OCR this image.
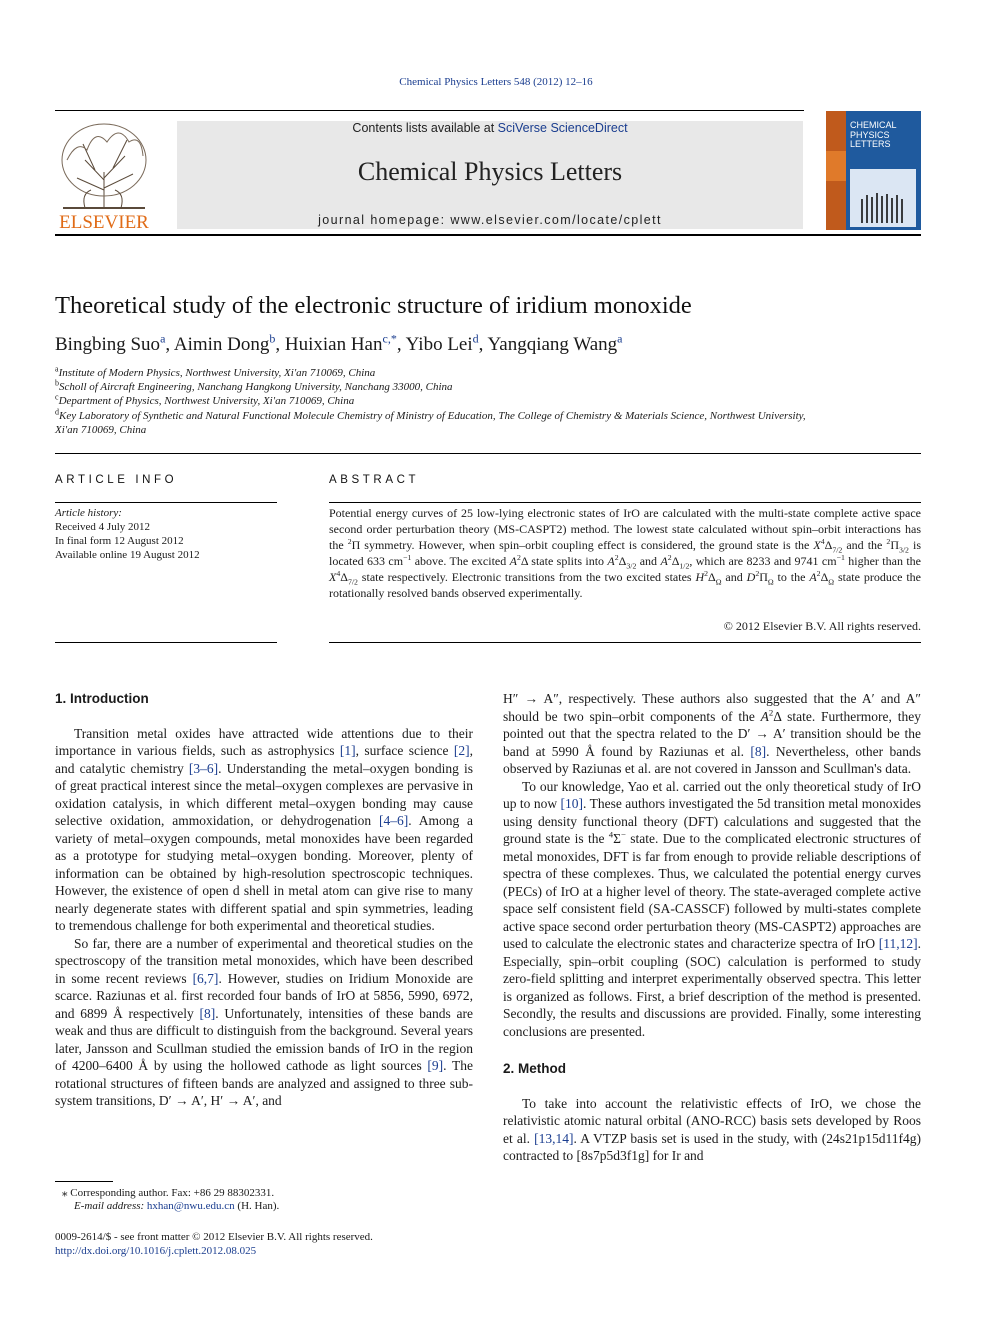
Chemical Physics Letters 548 (2012) 12–16
ELSEVIER
Contents lists available at SciVerse ScienceDirect
Chemical Physics Letters
journal homepage: www.elsevier.com/locate/cplett
CHEMICAL PHYSICS LETTERS
Theoretical study of the electronic structure of iridium monoxide
Bingbing Suo$^a$, Aimin Dong$^b$, Huixian Han$^{c,*}$, Yibo Lei$^d$, Yangqiang Wang$^a$
$^a$Institute of Modern Physics, Northwest University, Xi'an 710069, China
$^b$Scholl of Aircraft Engineering, Nanchang Hangkong University, Nanchang 33000, China
$^c$Department of Physics, Northwest University, Xi'an 710069, China
$^d$Key Laboratory of Synthetic and Natural Functional Molecule Chemistry of Ministry of Education, The College of Chemistry & Materials Science, Northwest University,
Xi'an 710069, China
ARTICLE INFO
Article history:
Received 4 July 2012
In final form 12 August 2012
Available online 19 August 2012
ABSTRACT
Potential energy curves of 25 low-lying electronic states of IrO are calculated with the multi-state complete active space second order perturbation theory (MS-CASPT2) method. The lowest state calculated without spin–orbit interactions has the $^2$Π symmetry. However, when spin–orbit coupling effect is considered, the ground state is the $X^4\Delta_{7/2}$ and the $^2\Pi_{3/2}$ is located 633 $cm^{-1}$ above. The excited $A^2\Delta$ state splits into $A^2\Delta_{3/2}$ and $A^2\Delta_{1/2}$, which are 8233 and 9741 $cm^{-1}$ higher than the $X^4\Delta_{7/2}$ state respectively. Electronic transitions from the two excited states $H^2\Delta_\Omega$ and $D^2\Pi_\Omega$ to the $A^2\Delta_\Omega$ state produce the rotationally resolved bands observed experimentally.
© 2012 Elsevier B.V. All rights reserved.
1. Introduction

Transition metal oxides have attracted wide attentions due to their importance in various fields, such as astrophysics [1], surface science [2], and catalytic chemistry [3–6]. Understanding the metal–oxygen bonding is of great practical interest since the metal–oxygen complexes are pervasive in oxidation catalysis, in which different metal–oxygen bonding may cause selective oxidation, ammoxidation, or dehydrogenation [4–6]. Among a variety of metal–oxygen compounds, metal monoxides have been regarded as a prototype for studying metal–oxygen bonding. Moreover, plenty of information can be obtained by high-resolution spectroscopic techniques. However, the existence of open d shell in metal atom can give rise to many nearly degenerate states with different spatial and spin symmetries, leading to tremendous challenge for both experimental and theoretical studies.

So far, there are a number of experimental and theoretical studies on the spectroscopy of the transition metal monoxides, which have been described in some recent reviews [6,7]. However, studies on Iridium Monoxide are scarce. Raziunas et al. first recorded four bands of IrO at 5856, 5990, 6972, and 6899 Å respectively [8]. Unfortunately, intensities of these bands are weak and thus are difficult to distinguish from the background. Several years later, Jansson and Scullman studied the emission bands of IrO in the region of 4200–6400 Å by using the hollowed cathode as light sources [9]. The rotational structures of fifteen bands are analyzed and assigned to three sub-system transitions, D′ → A′, H′ → A′, and

⁎ Corresponding author. Fax: +86 29 88302331.
E-mail address: hxhan@nwu.edu.cn (H. Han).
0009-2614/$ - see front matter © 2012 Elsevier B.V. All rights reserved.
http://dx.doi.org/10.1016/j.cplett.2012.08.025

H″ → A″, respectively. These authors also suggested that the A′ and A″ should be two spin–orbit components of the $A^2\Delta$ state. Furthermore, they pointed out that the spectra related to the D′ → A′ transition should be the band at 5990 Å found by Raziunas et al. [8]. Nevertheless, other bands observed by Raziunas et al. are not covered in Jansson and Scullman's data.

To our knowledge, Yao et al. carried out the only theoretical study of IrO up to now [10]. These authors investigated the 5d transition metal monoxides using density functional theory (DFT) calculations and suggested that the ground state is the $^4$Σ− state. Due to the complicated electronic structures of metal monoxides, DFT is far from enough to provide reliable descriptions of spectra of these complexes. Thus, we calculated the potential energy curves (PECs) of IrO at a higher level of theory. The state-averaged complete active space self consistent field (SA-CASSCF) followed by multi-states complete active space second order perturbation theory (MS-CASPT2) approaches are used to calculate the electronic states and characterize spectra of IrO [11,12]. Especially, spin–orbit coupling (SOC) calculation is performed to study zero-field splitting and interpret experimentally observed spectra. This letter is organized as follows. First, a brief description of the method is presented. Secondly, the results and discussions are provided. Finally, some interesting conclusions are presented.

2. Method

To take into account the relativistic effects of IrO, we chose the relativistic atomic natural orbital (ANO-RCC) basis sets developed by Roos et al. [13,14]. A VTZP basis set is used in the study, with (24s21p15d11f4g) contracted to [8s7p5d3f1g] for Ir and
